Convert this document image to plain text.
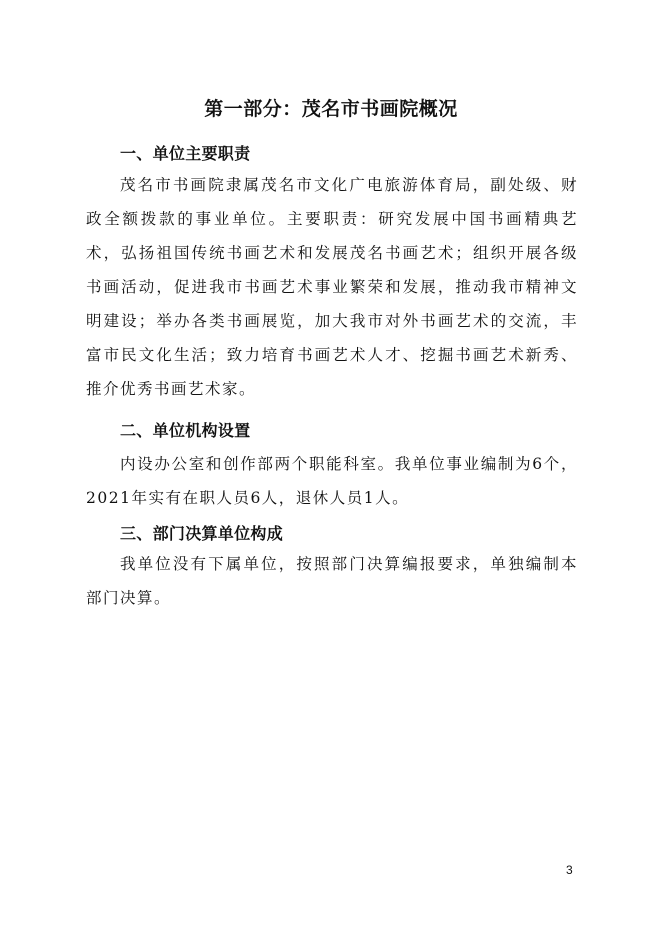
第一部分：茂名市书画院概况
一、单位主要职责

茂名市书画院隶属茂名市文化广电旅游体育局，副处级、财政全额拨款的事业单位。主要职责：研究发展中国书画精典艺术，弘扬祖国传统书画艺术和发展茂名书画艺术；组织开展各级书画活动，促进我市书画艺术事业繁荣和发展，推动我市精神文明建设；举办各类书画展览，加大我市对外书画艺术的交流，丰富市民文化生活；致力培育书画艺术人才、挖掘书画艺术新秀、推介优秀书画艺术家。

二、单位机构设置

内设办公室和创作部两个职能科室。我单位事业编制为6个，2021年实有在职人员6人，退休人员1人。

三、部门决算单位构成

我单位没有下属单位，按照部门决算编报要求，单独编制本部门决算。

3
